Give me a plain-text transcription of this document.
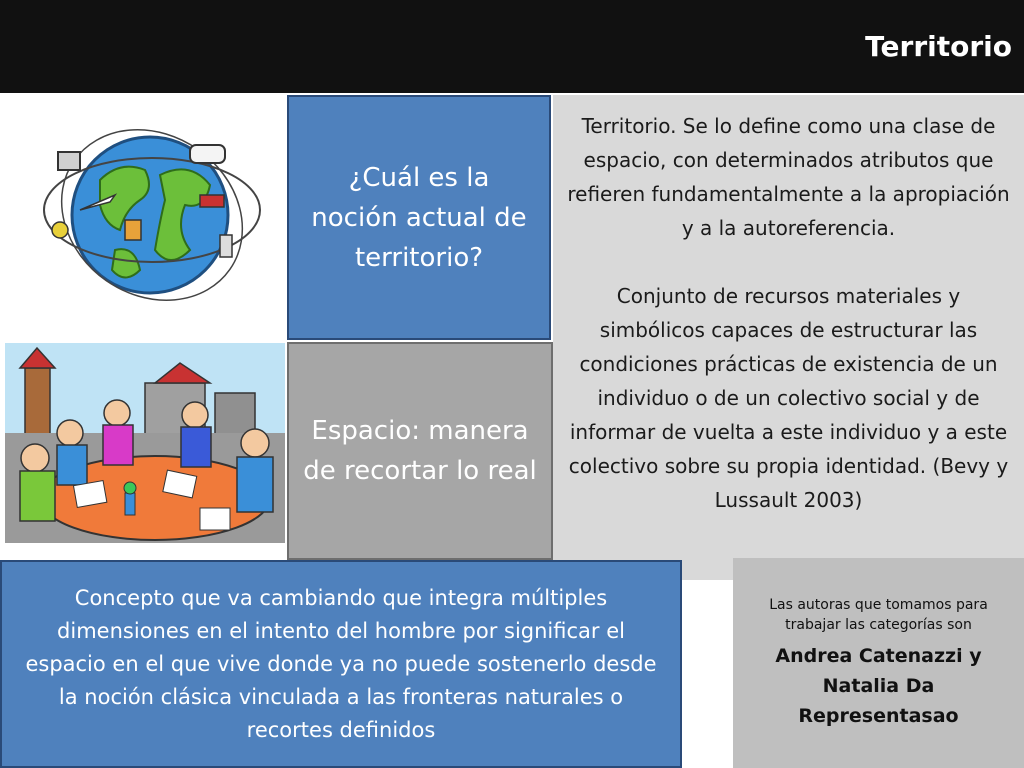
Territorio
¿Cuál es la noción actual de territorio?

Territorio. Se lo define como una clase de espacio, con determinados atributos que refieren fundamentalmente a la apropiación y a la autoreferencia.

Conjunto de recursos materiales y simbólicos capaces de estructurar las condiciones prácticas de existencia de un individuo o de un colectivo social y de informar de vuelta a este individuo y a este colectivo sobre su propia identidad. (Bevy y Lussault 2003)

Espacio: manera de recortar lo real
Concepto que va cambiando que integra múltiples dimensiones en el intento del hombre por significar el espacio en el que vive donde ya no puede sostenerlo desde la noción clásica vinculada a las fronteras naturales o recortes definidos
Las autoras que tomamos para trabajar las categorías son
Andrea Catenazzi y Natalia Da Representasao
